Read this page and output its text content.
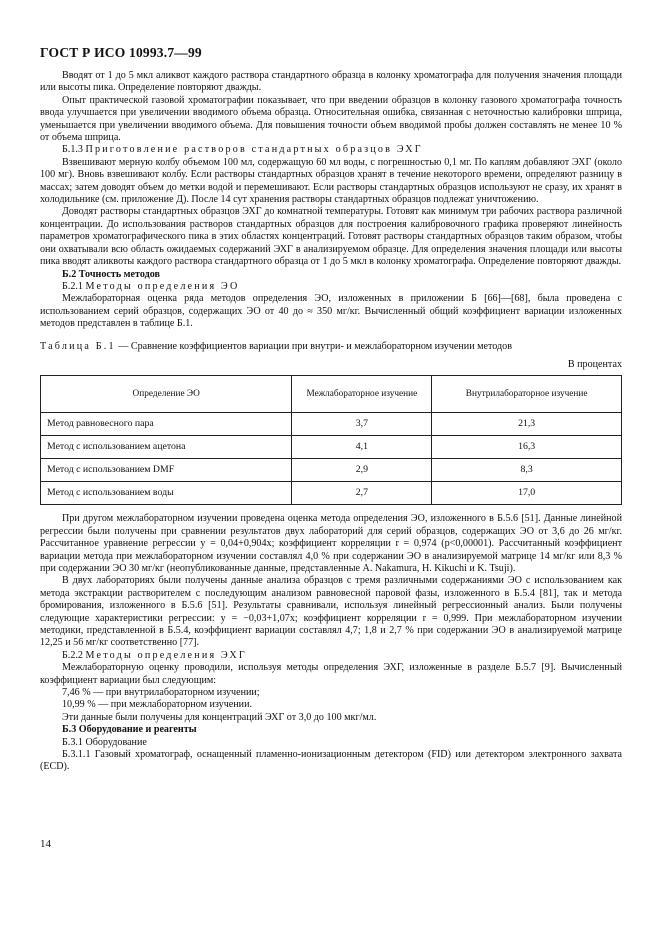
ГОСТ Р ИСО 10993.7—99

Вводят от 1 до 5 мкл аликвот каждого раствора стандартного образца в колонку хроматографа для получения значения площади или высоты пика. Определение повторяют дважды.

Опыт практической газовой хроматографии показывает, что при введении образцов в колонку газового хроматографа точность ввода улучшается при увеличении вводимого объема образца. Относительная ошибка, связанная с неточностью калибровки шприца, уменьшается при увеличении вводимого объема. Для повышения точности объем вводимой пробы должен составлять не менее 10 % от объема шприца.

Б.1.3 Приготовление растворов стандартных образцов ЭХГ

Взвешивают мерную колбу объемом 100 мл, содержащую 60 мл воды, с погрешностью 0,1 мг. По каплям добавляют ЭХГ (около 100 мг). Вновь взвешивают колбу. Если растворы стандартных образцов хранят в течение некоторого времени, определяют разницу в массах; затем доводят объем до метки водой и перемешивают. Если растворы стандартных образцов используют не сразу, их хранят в холодильнике (см. приложение Д). После 14 сут хранения растворы стандартных образцов подлежат уничтожению.

Доводят растворы стандартных образцов ЭХГ до комнатной температуры. Готовят как минимум три рабочих раствора различной концентрации. До использования растворов стандартных образцов для построения калибровочного графика проверяют линейность параметров хроматографического пика в этих областях концентраций. Готовят растворы стандартных образцов таким образом, чтобы они охватывали всю область ожидаемых содержаний ЭХГ в анализируемом образце. Для определения значения площади или высоты пика вводят аликвоты каждого раствора стандартного образца от 1 до 5 мкл в колонку хроматографа. Определение повторяют дважды.

Б.2 Точность методов

Б.2.1 Методы определения ЭО

Межлабораторная оценка ряда методов определения ЭО, изложенных в приложении Б [66]—[68], была проведена с использованием серий образцов, содержащих ЭО от 40 до ≈ 350 мг/кг. Вычисленный общий коэффициент вариации изложенных методов представлен в таблице Б.1.

Таблица Б.1 — Сравнение коэффициентов вариации при внутри- и межлабораторном изучении методов

В процентах

Определение ЭО	Межлабораторное изучение	Внутрилабораторное изучение
Метод равновесного пара	3,7	21,3
Метод с использованием ацетона	4,1	16,3
Метод с использованием DMF	2,9	8,3
Метод с использованием воды	2,7	17,0

При другом межлабораторном изучении проведена оценка метода определения ЭО, изложенного в Б.5.6 [51]. Данные линейной регрессии были получены при сравнении результатов двух лабораторий для серий образцов, содержащих ЭО от 3,6 до 26 мг/кг. Рассчитанное уравнение регрессии y = 0,04+0,904x; коэффициент корреляции r = 0,974 (p<0,00001). Рассчитанный коэффициент вариации метода при межлабораторном изучении составлял 4,0 % при содержании ЭО в анализируемой матрице 14 мг/кг или 8,3 % при содержании ЭО 30 мг/кг (неопубликованные данные, представленные A. Nakamura, H. Kikuchi и K. Tsuji).

В двух лабораториях были получены данные анализа образцов с тремя различными содержаниями ЭО с использованием как метода экстракции растворителем с последующим анализом равновесной паровой фазы, изложенного в Б.5.4 [81], так и метода бромирования, изложенного в Б.5.6 [51]. Результаты сравнивали, используя линейный регрессионный анализ. Были получены следующие характеристики регрессии: y = −0,03+1,07x; коэффициент корреляции r = 0,999. При межлабораторном изучении методики, представленной в Б.5.4, коэффициент вариации составлял 4,7; 1,8 и 2,7 % при содержании ЭО в анализируемой матрице 12,25 и 56 мг/кг соответственно [77].

Б.2.2 Методы определения ЭХГ

Межлабораторную оценку проводили, используя методы определения ЭХГ, изложенные в разделе Б.5.7 [9]. Вычисленный коэффициент вариации был следующим:

7,46 % — при внутрилабораторном изучении;

10,99 % — при межлабораторном изучении.

Эти данные были получены для концентраций ЭХГ от 3,0 до 100 мкг/мл.

Б.3 Оборудование и реагенты

Б.3.1 Оборудование

Б.3.1.1 Газовый хроматограф, оснащенный пламенно-ионизационным детектором (FID) или детектором электронного захвата (ECD).

14
